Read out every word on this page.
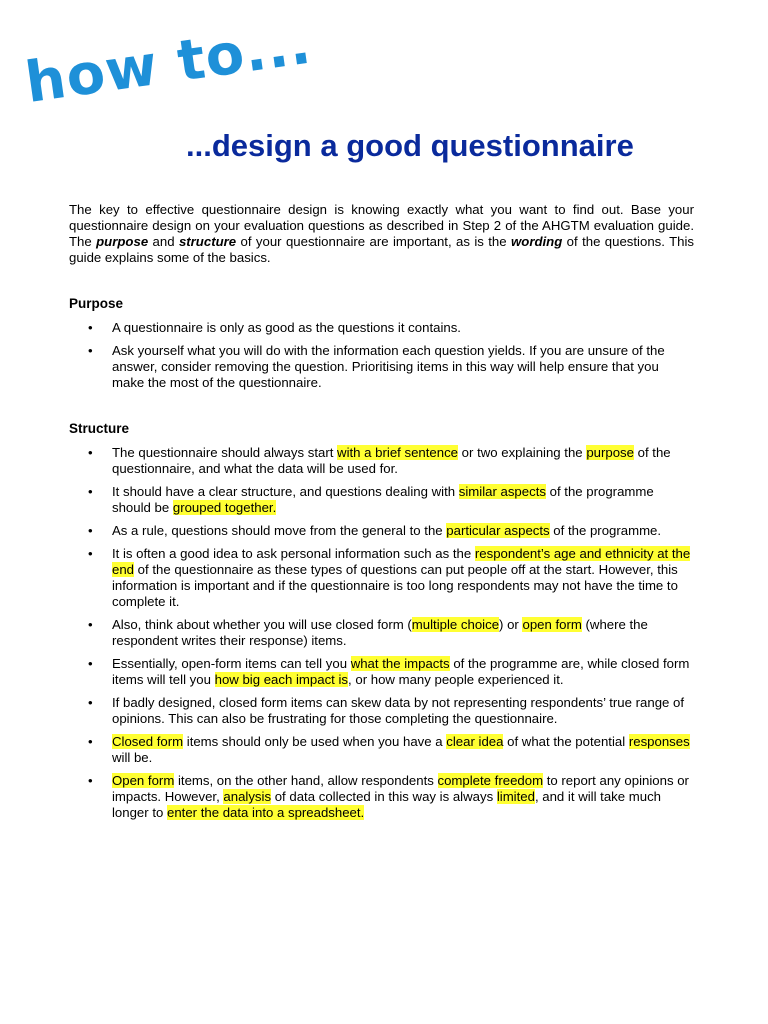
how to...
...design a good questionnaire

The key to effective questionnaire design is knowing exactly what you want to find out. Base your questionnaire design on your evaluation questions as described in Step 2 of the AHGTM evaluation guide. The purpose and structure of your questionnaire are important, as is the wording of the questions. This guide explains some of the basics.

Purpose
• A questionnaire is only as good as the questions it contains.
• Ask yourself what you will do with the information each question yields. If you are unsure of the answer, consider removing the question. Prioritising items in this way will help ensure that you make the most of the questionnaire.
Structure
• The questionnaire should always start with a brief sentence or two explaining the purpose of the questionnaire, and what the data will be used for.
• It should have a clear structure, and questions dealing with similar aspects of the programme should be grouped together.
• As a rule, questions should move from the general to the particular aspects of the programme.
• It is often a good idea to ask personal information such as the respondent’s age and ethnicity at the end of the questionnaire as these types of questions can put people off at the start. However, this information is important and if the questionnaire is too long respondents may not have the time to complete it.
• Also, think about whether you will use closed form (multiple choice) or open form (where the respondent writes their response) items.
• Essentially, open-form items can tell you what the impacts of the programme are, while closed form items will tell you how big each impact is, or how many people experienced it.
• If badly designed, closed form items can skew data by not representing respondents’ true range of opinions. This can also be frustrating for those completing the questionnaire.
• Closed form items should only be used when you have a clear idea of what the potential responses will be.
• Open form items, on the other hand, allow respondents complete freedom to report any opinions or impacts. However, analysis of data collected in this way is always limited, and it will take much longer to enter the data into a spreadsheet.
